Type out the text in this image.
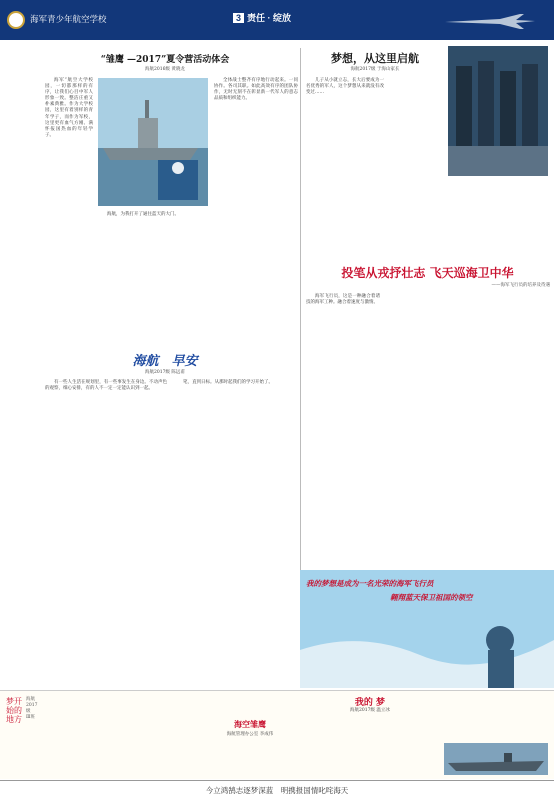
海军青少年航空学校	3 责任 · 绽放
“雏鹰 —2017”夏令营活动体会
海航2016级 黄晓龙

海军“航空大学校园，一切都那样的有序，让我们心目中军人形象一致。整洁庄重又朴素典雅。作为大学校园，这里有着别样的青年学子，而作为军校，这里更有血气方刚、满怀报国热血的年轻学子。

全体战士整齐有序地行动起来。一同协作。各司其职。如此高效有序的团队协作，无时无刻不在彰显新一代军人的意志品质和组织能力。

海航，为我打开了通往蓝天的大门。

海航　早安
海航2017级 陈远甫

有一些人生活在规划里，有一些事发生在身边。不动声色的观察，细心安排，有的人不一定一定能认识到一起。

笔，直到日标。从那时起我们的学习开始了。

梦想，从这里启航
海航2017级 于海山家长

儿子从小就立志，长大后要成为一名优秀的军人，这个梦想从来就没有改变过……

投笔从戎抒壮志 飞天巡海卫中华
——海军飞行员的培养及待遇

海军飞行员，这是一种融合着诸技的海军工种。融合着速度与激情。

我的梦想是成为一名光荣的海军飞行员
翱翔蓝天保卫祖国的领空
梦开始的地方
海航2017级 Ⅲ班
海空雏鹰
海航管理办公室 李成伟
我的 梦
海航2017级 温立冰
今立鸿鹄志逐梦深蓝　明携报国情叱咤海天
